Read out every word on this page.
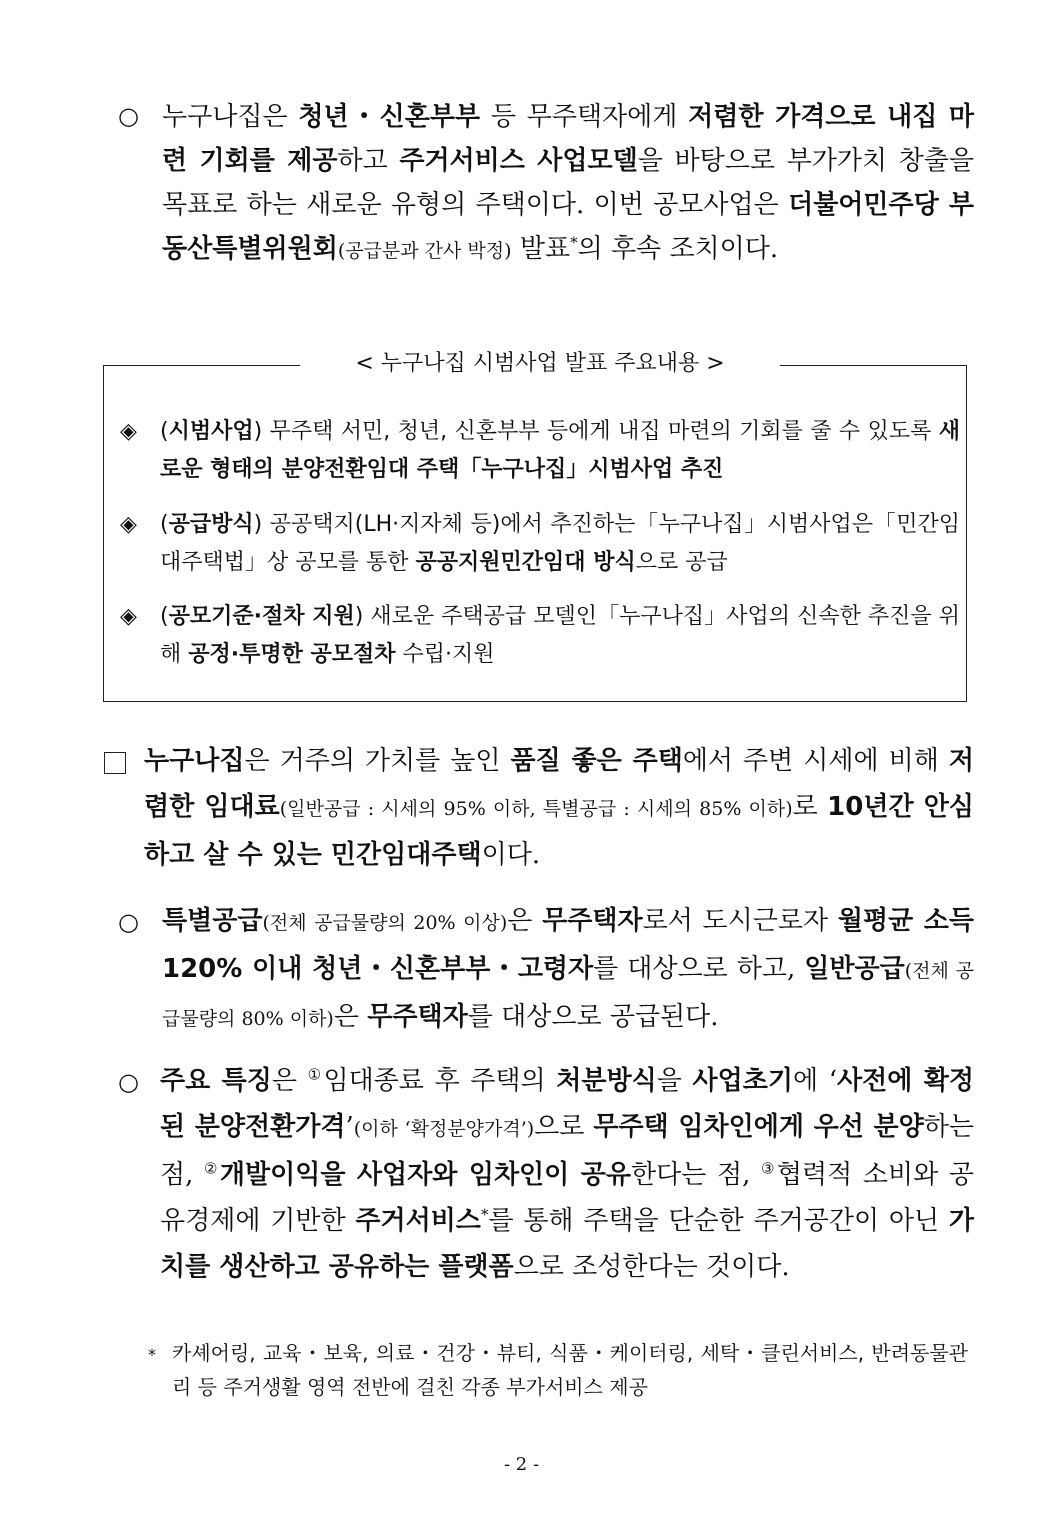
○ 누구나집은 청년・신혼부부 등 무주택자에게 저렴한 가격으로 내집 마련 기회를 제공하고 주거서비스 사업모델을 바탕으로 부가가치 창출을 목표로 하는 새로운 유형의 주택이다. 이번 공모사업은 더불어민주당 부동산특별위원회(공급분과 간사 박정) 발표*의 후속 조치이다.
< 누구나집 시범사업 발표 주요내용 >
◈	(시범사업) 무주택 서민, 청년, 신혼부부 등에게 내집 마련의 기회를 줄 수 있도록 새로운 형태의 분양전환임대 주택「누구나집」시범사업 추진
◈	(공급방식) 공공택지(LH·지자체 등)에서 추진하는「누구나집」시범사업은「민간임대주택법」상 공모를 통한 공공지원민간임대 방식으로 공급
◈	(공모기준·절차 지원) 새로운 주택공급 모델인「누구나집」사업의 신속한 추진을 위해 공정·투명한 공모절차 수립·지원
누구나집은 거주의 가치를 높인 품질 좋은 주택에서 주변 시세에 비해 저렴한 임대료(일반공급 : 시세의 95% 이하, 특별공급 : 시세의 85% 이하)로 10년간 안심하고 살 수 있는 민간임대주택이다.
○ 특별공급(전체 공급물량의 20% 이상)은 무주택자로서 도시근로자 월평균 소득 120% 이내 청년・신혼부부・고령자를 대상으로 하고, 일반공급(전체 공급물량의 80% 이하)은 무주택자를 대상으로 공급된다.
○ 주요 특징은 ①임대종료 후 주택의 처분방식을 사업초기에 ‘사전에 확정된 분양전환가격’(이하 ‘확정분양가격’)으로 무주택 임차인에게 우선 분양하는 점, ②개발이익을 사업자와 임차인이 공유한다는 점, ③협력적 소비와 공유경제에 기반한 주거서비스*를 통해 주택을 단순한 주거공간이 아닌 가치를 생산하고 공유하는 플랫폼으로 조성한다는 것이다.
* 카셰어링, 교육・보육, 의료・건강・뷰티, 식품・케이터링, 세탁・클린서비스, 반려동물관리 등 주거생활 영역 전반에 걸친 각종 부가서비스 제공
- 2 -
